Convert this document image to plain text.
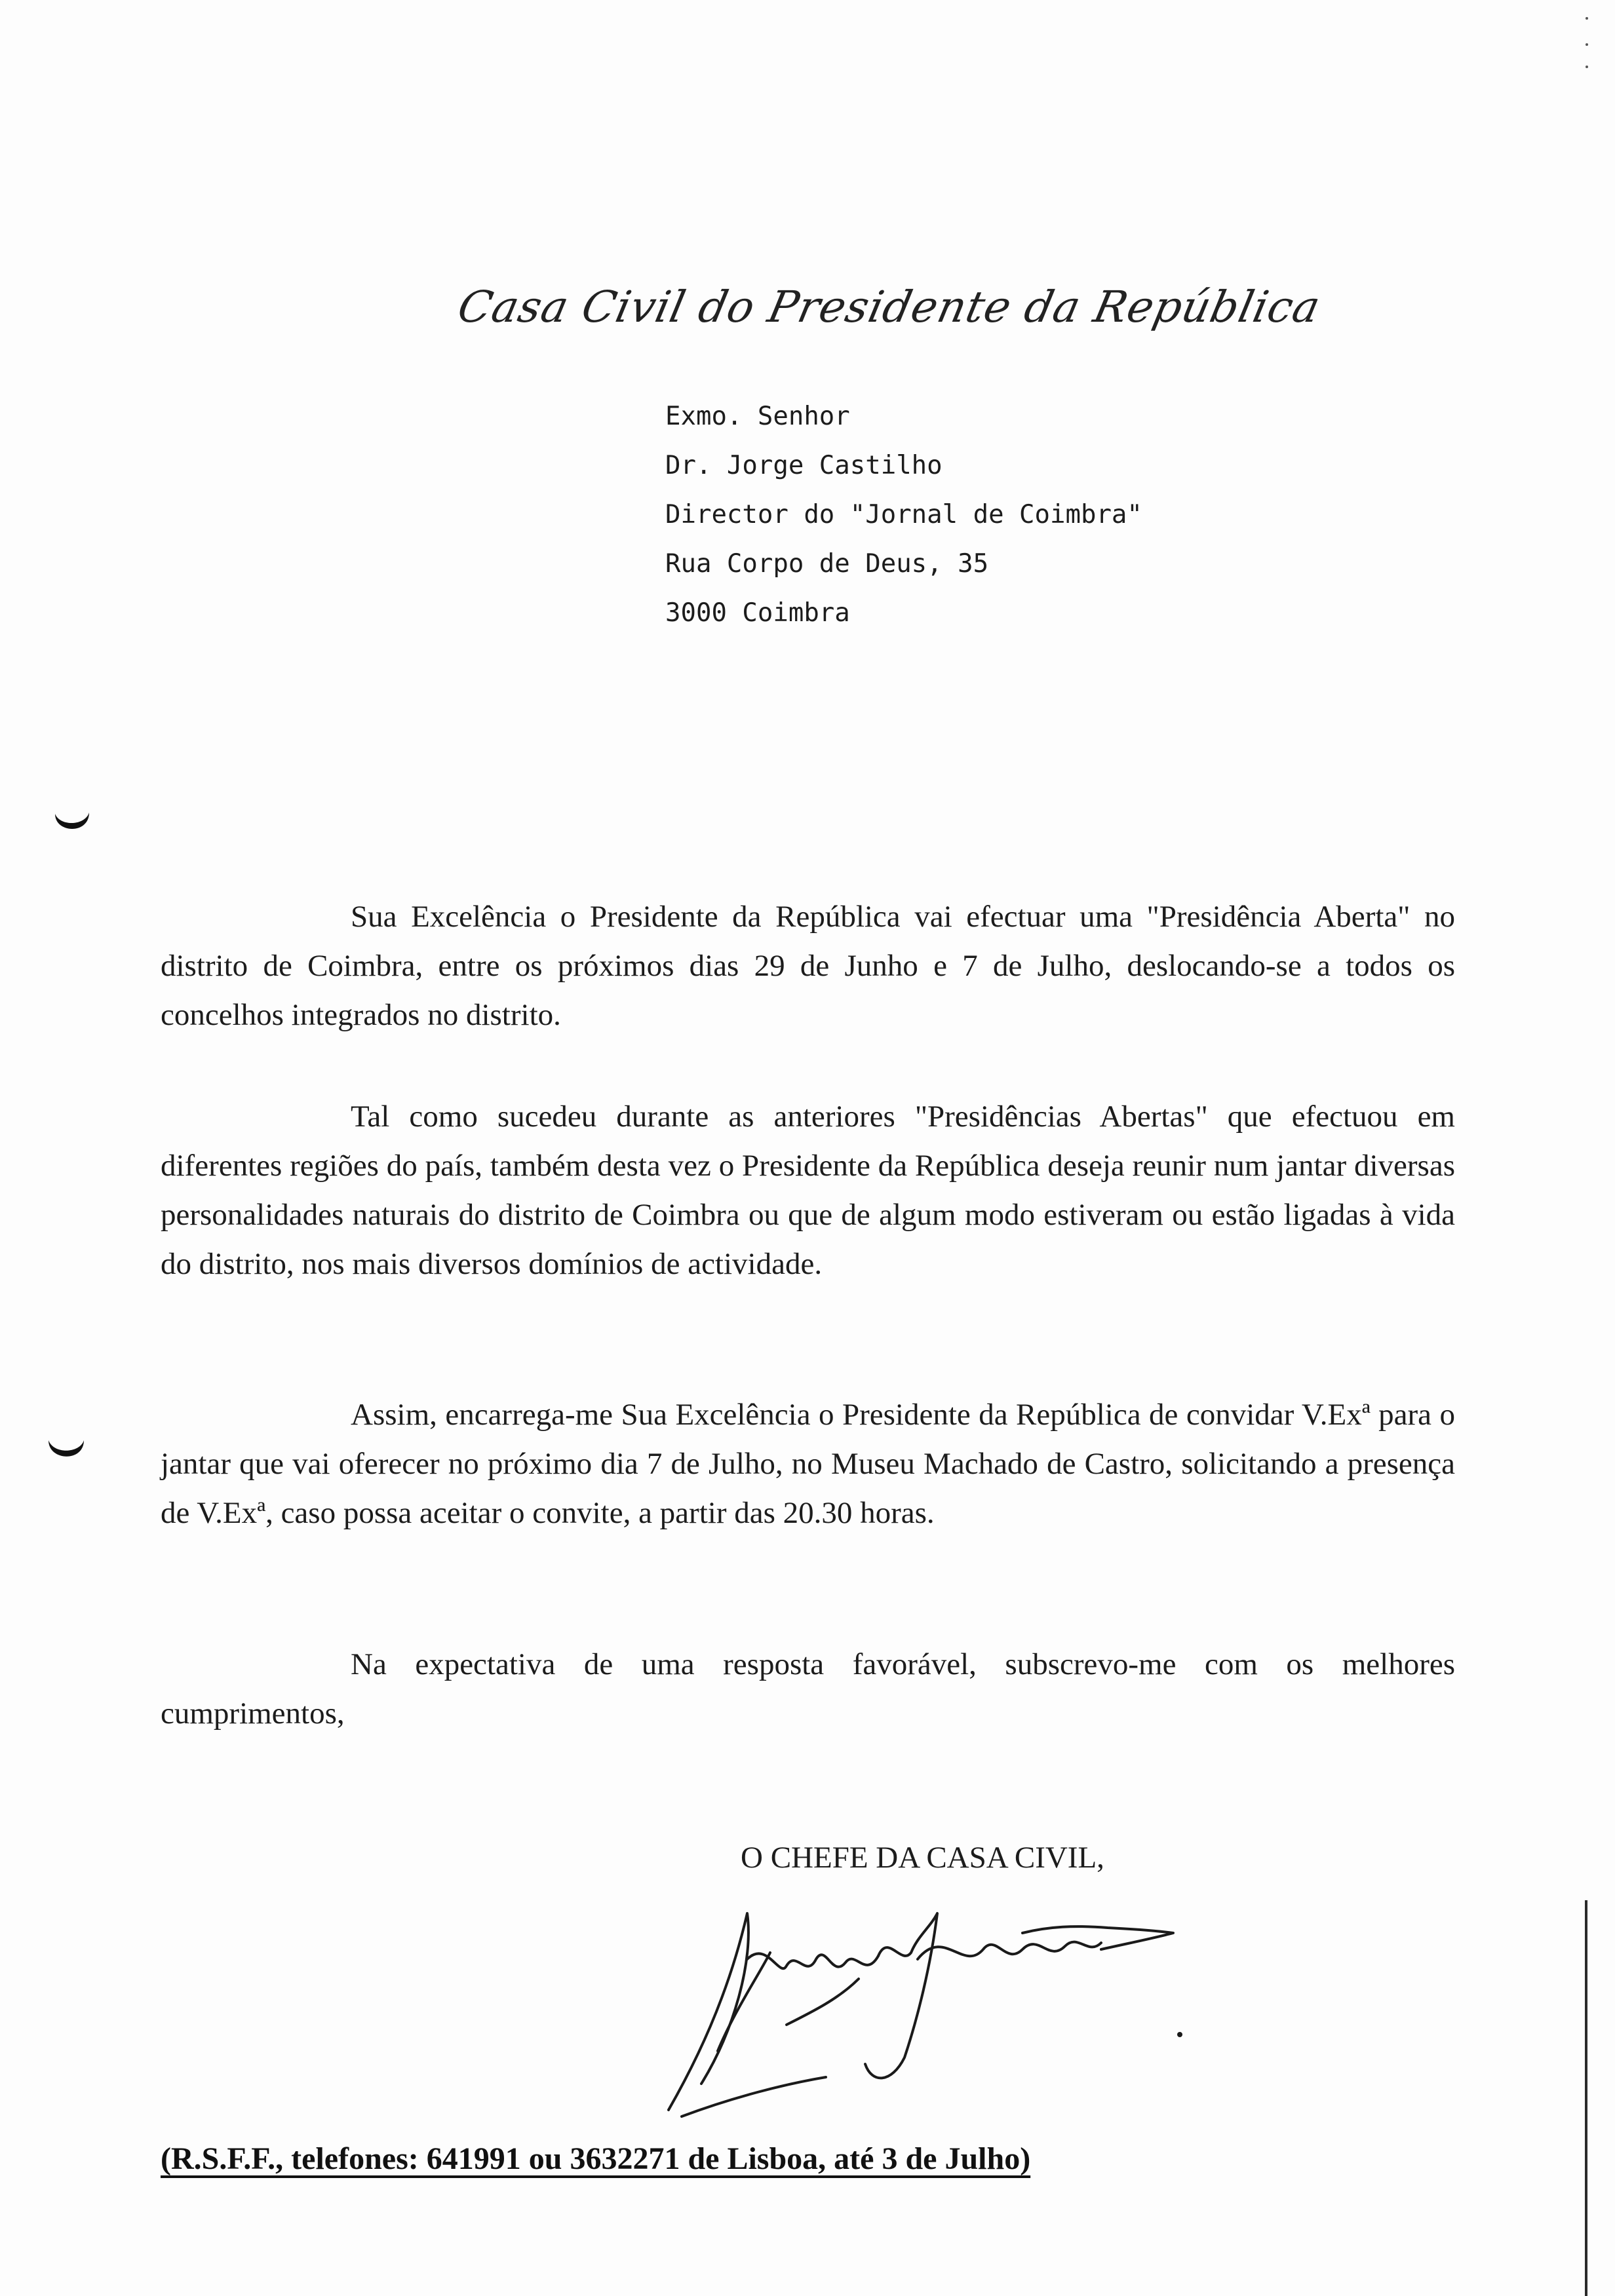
Casa Civil do Presidente da República
Exmo. Senhor
Dr. Jorge Castilho
Director do "Jornal de Coimbra"
Rua Corpo de Deus, 35
3000 Coimbra

Sua Excelência o Presidente da República vai efectuar uma "Presidência Aberta" no distrito de Coimbra, entre os próximos dias 29 de Junho e 7 de Julho, deslocando-se a todos os concelhos integrados no distrito.

Tal como sucedeu durante as anteriores "Presidências Abertas" que efectuou em diferentes regiões do país, também desta vez o Presidente da República deseja reunir num jantar diversas personalidades naturais do distrito de Coimbra ou que de algum modo estiveram ou estão ligadas à vida do distrito, nos mais diversos domínios de actividade.

Assim, encarrega-me Sua Excelência o Presidente da República de convidar V.Exª para o jantar que vai oferecer no próximo dia 7 de Julho, no Museu Machado de Castro, solicitando a presença de V.Exª, caso possa aceitar o convite, a partir das 20.30 horas.

Na expectativa de uma resposta favorável, subscrevo-me com os melhores cumprimentos,

O CHEFE DA CASA CIVIL,
Alfredo Barroso
(R.S.F.F., telefones: 641991 ou 3632271 de Lisboa, até 3 de Julho)
